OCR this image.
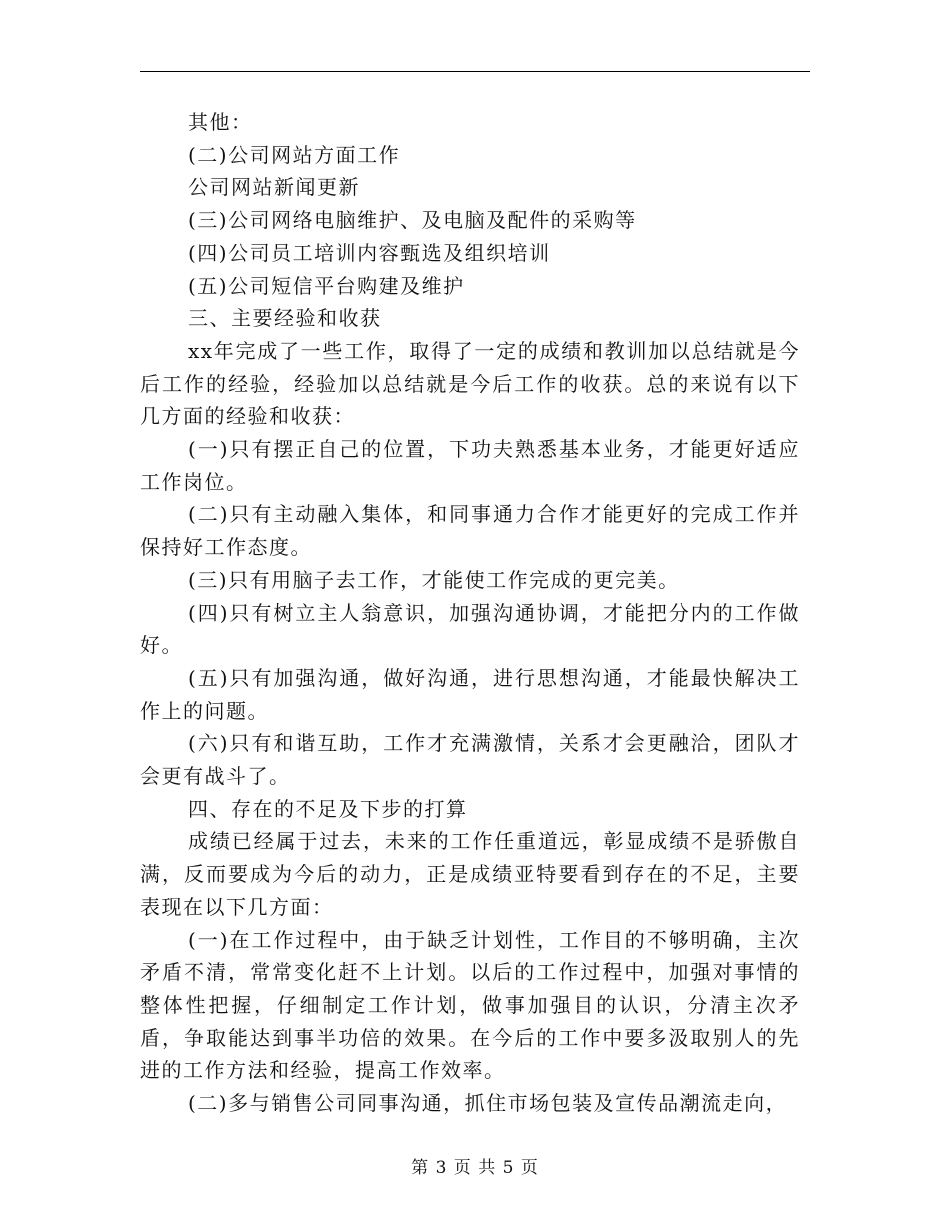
其他：

(二)公司网站方面工作

公司网站新闻更新

(三)公司网络电脑维护、及电脑及配件的采购等

(四)公司员工培训内容甄选及组织培训

(五)公司短信平台购建及维护

三、主要经验和收获

xx年完成了一些工作，取得了一定的成绩和教训加以总结就是今后工作的经验，经验加以总结就是今后工作的收获。总的来说有以下几方面的经验和收获：

(一)只有摆正自己的位置，下功夫熟悉基本业务，才能更好适应工作岗位。

(二)只有主动融入集体，和同事通力合作才能更好的完成工作并保持好工作态度。

(三)只有用脑子去工作，才能使工作完成的更完美。

(四)只有树立主人翁意识，加强沟通协调，才能把分内的工作做好。

(五)只有加强沟通，做好沟通，进行思想沟通，才能最快解决工作上的问题。

(六)只有和谐互助，工作才充满激情，关系才会更融洽，团队才会更有战斗了。

四、存在的不足及下步的打算

成绩已经属于过去，未来的工作任重道远，彰显成绩不是骄傲自满，反而要成为今后的动力，正是成绩亚特要看到存在的不足，主要表现在以下几方面：

(一)在工作过程中，由于缺乏计划性，工作目的不够明确，主次矛盾不清，常常变化赶不上计划。以后的工作过程中，加强对事情的整体性把握，仔细制定工作计划，做事加强目的认识，分清主次矛盾，争取能达到事半功倍的效果。在今后的工作中要多汲取别人的先进的工作方法和经验，提高工作效率。

(二)多与销售公司同事沟通，抓住市场包装及宣传品潮流走向，

第 3 页 共 5 页
